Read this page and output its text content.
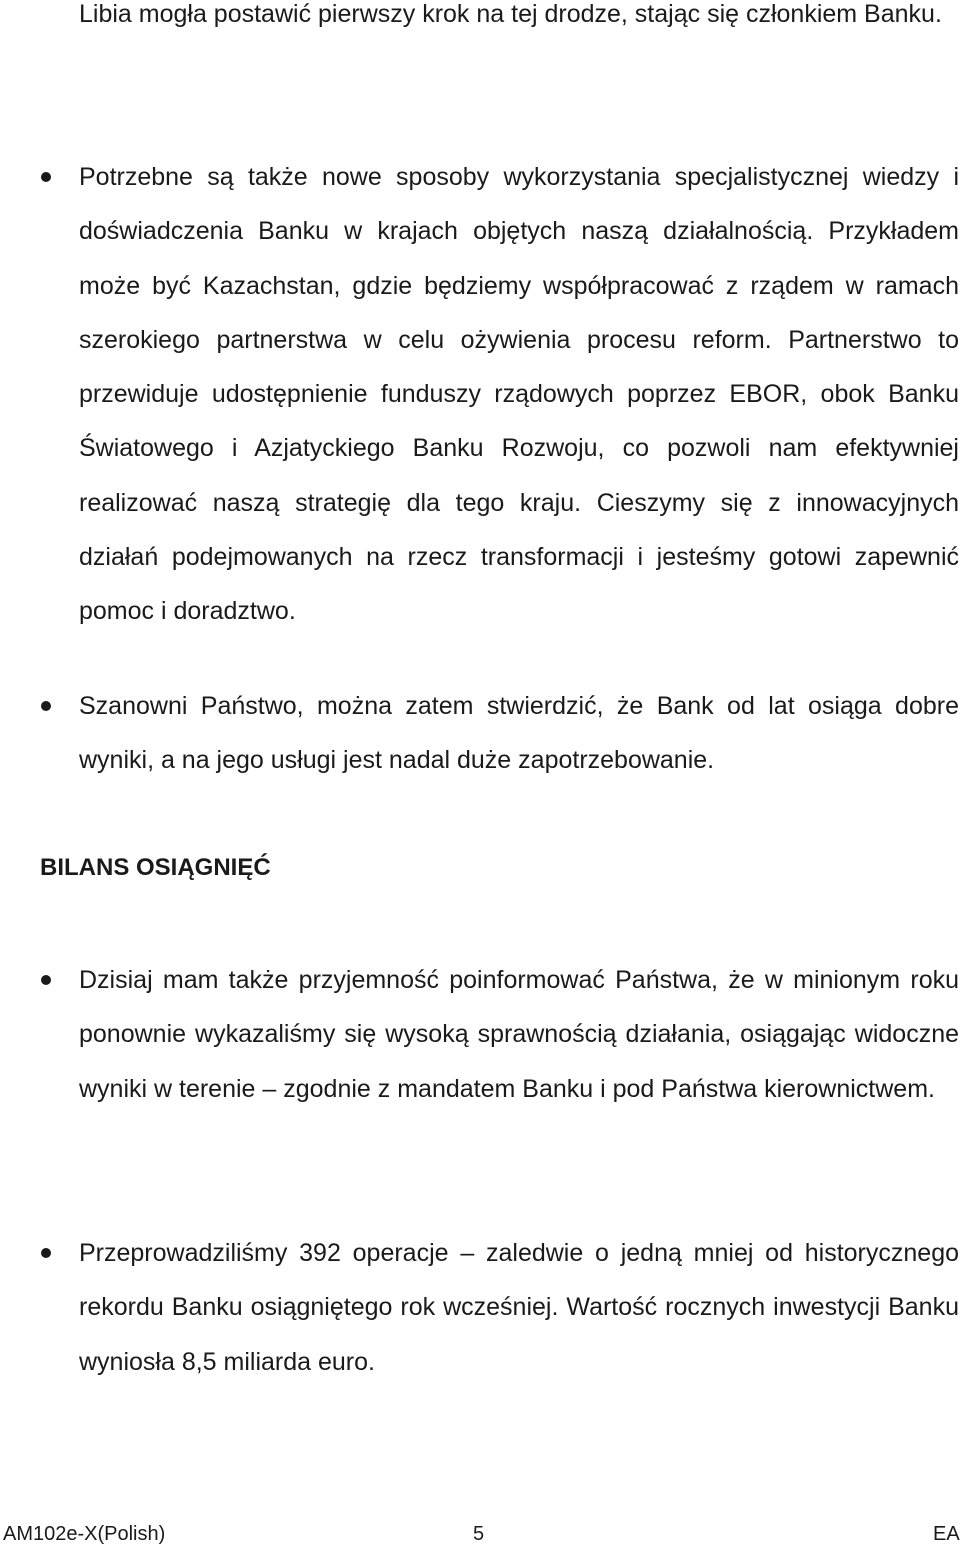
Libia mogła postawić pierwszy krok na tej drodze, stając się członkiem Banku.

Potrzebne są także nowe sposoby wykorzystania specjalistycznej wiedzy i doświadczenia Banku w krajach objętych naszą działalnością. Przykładem może być Kazachstan, gdzie będziemy współpracować z rządem w ramach szerokiego partnerstwa w celu ożywienia procesu reform. Partnerstwo to przewiduje udostępnienie funduszy rządowych poprzez EBOR, obok Banku Światowego i Azjatyckiego Banku Rozwoju, co pozwoli nam efektywniej realizować naszą strategię dla tego kraju. Cieszymy się z innowacyjnych działań podejmowanych na rzecz transformacji i jesteśmy gotowi zapewnić pomoc i doradztwo.

Szanowni Państwo, można zatem stwierdzić, że Bank od lat osiąga dobre wyniki, a na jego usługi jest nadal duże zapotrzebowanie.

BILANS OSIĄGNIĘĆ

Dzisiaj mam także przyjemność poinformować Państwa, że w minionym roku ponownie wykazaliśmy się wysoką sprawnością działania, osiągając widoczne wyniki w terenie – zgodnie z mandatem Banku i pod Państwa kierownictwem.

Przeprowadziliśmy 392 operacje – zaledwie o jedną mniej od historycznego rekordu Banku osiągniętego rok wcześniej. Wartość rocznych inwestycji Banku wyniosła 8,5 miliarda euro.

AM102e-X(Polish)	5	EA
